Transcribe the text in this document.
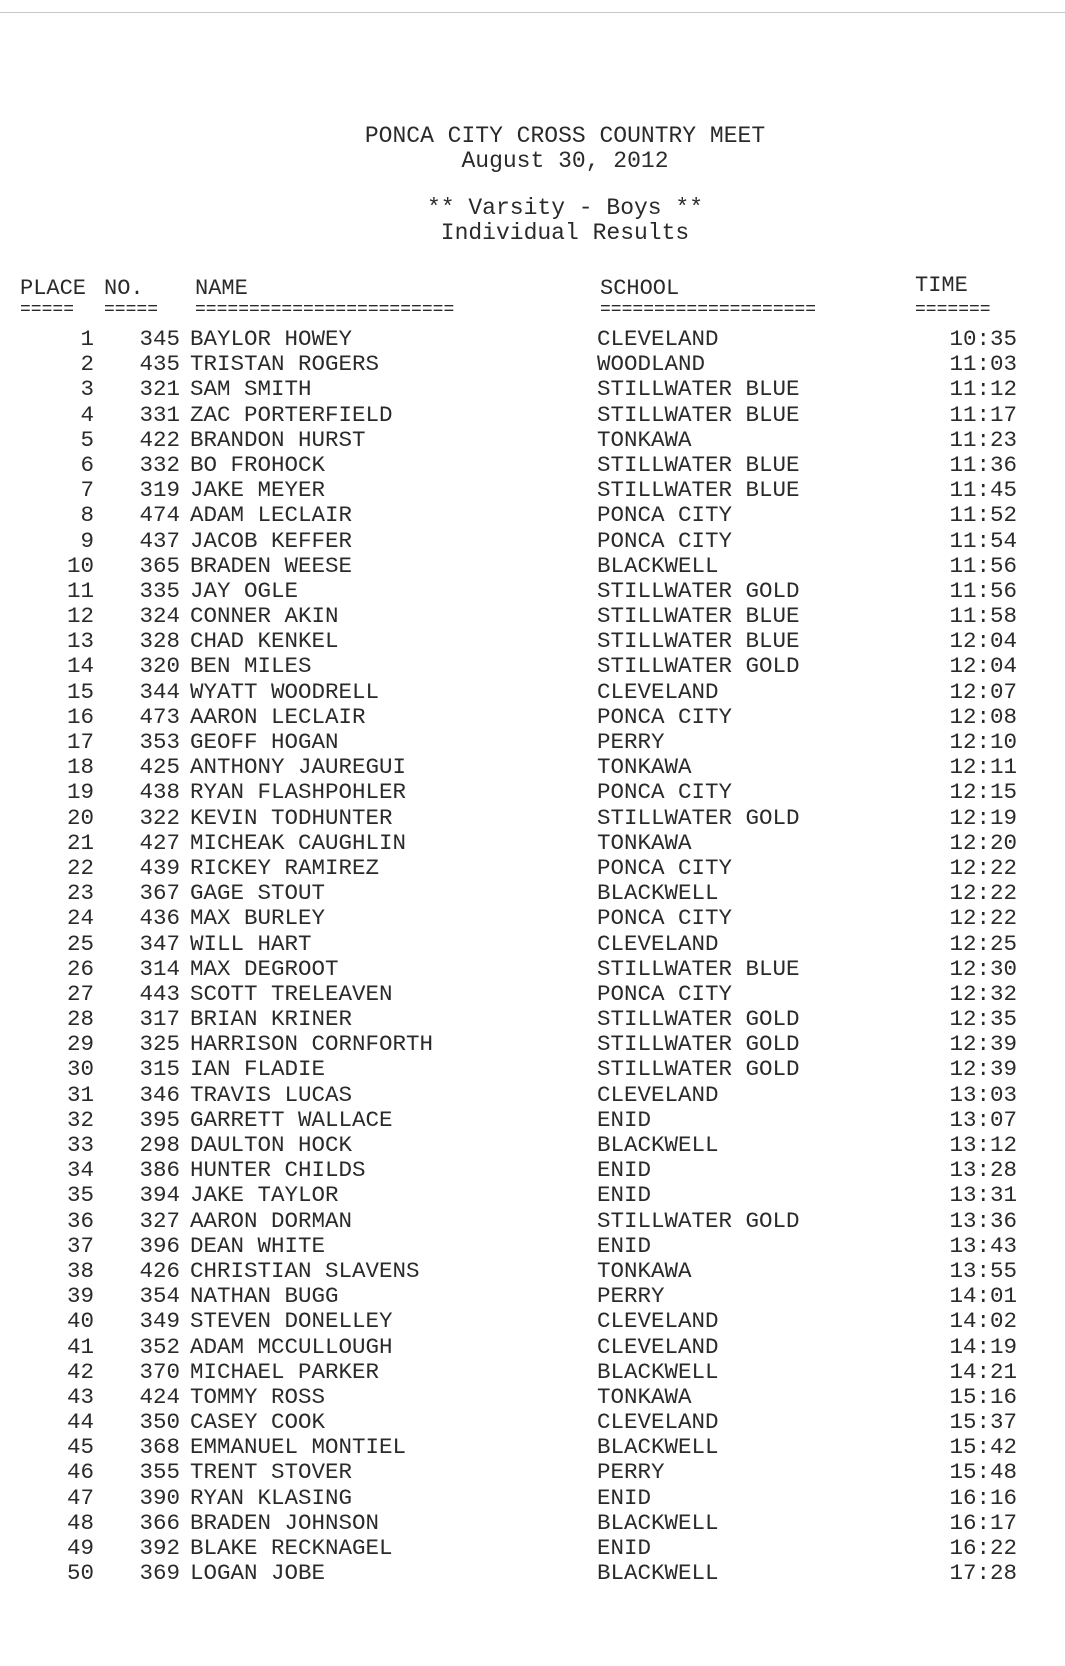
PONCA CITY CROSS COUNTRY MEET
August 30, 2012
** Varsity - Boys **
Individual Results
PLACE NO. NAME	SCHOOL	TIME
===== ===== ========================	====================	=======
1	345 BAYLOR HOWEY	CLEVELAND	10:35
2	435 TRISTAN ROGERS	WOODLAND	11:03
3	321 SAM SMITH	STILLWATER BLUE	11:12
4	331 ZAC PORTERFIELD	STILLWATER BLUE	11:17
5	422 BRANDON HURST	TONKAWA	11:23
6	332 BO FROHOCK	STILLWATER BLUE	11:36
7	319 JAKE MEYER	STILLWATER BLUE	11:45
8	474 ADAM LECLAIR	PONCA CITY	11:52
9	437 JACOB KEFFER	PONCA CITY	11:54
10	365 BRADEN WEESE	BLACKWELL	11:56
11	335 JAY OGLE	STILLWATER GOLD	11:56
12	324 CONNER AKIN	STILLWATER BLUE	11:58
13	328 CHAD KENKEL	STILLWATER BLUE	12:04
14	320 BEN MILES	STILLWATER GOLD	12:04
15	344 WYATT WOODRELL	CLEVELAND	12:07
16	473 AARON LECLAIR	PONCA CITY	12:08
17	353 GEOFF HOGAN	PERRY	12:10
18	425 ANTHONY JAUREGUI	TONKAWA	12:11
19	438 RYAN FLASHPOHLER	PONCA CITY	12:15
20	322 KEVIN TODHUNTER	STILLWATER GOLD	12:19
21	427 MICHEAK CAUGHLIN	TONKAWA	12:20
22	439 RICKEY RAMIREZ	PONCA CITY	12:22
23	367 GAGE STOUT	BLACKWELL	12:22
24	436 MAX BURLEY	PONCA CITY	12:22
25	347 WILL HART	CLEVELAND	12:25
26	314 MAX DEGROOT	STILLWATER BLUE	12:30
27	443 SCOTT TRELEAVEN	PONCA CITY	12:32
28	317 BRIAN KRINER	STILLWATER GOLD	12:35
29	325 HARRISON CORNFORTH	STILLWATER GOLD	12:39
30	315 IAN FLADIE	STILLWATER GOLD	12:39
31	346 TRAVIS LUCAS	CLEVELAND	13:03
32	395 GARRETT WALLACE	ENID	13:07
33	298 DAULTON HOCK	BLACKWELL	13:12
34	386 HUNTER CHILDS	ENID	13:28
35	394 JAKE TAYLOR	ENID	13:31
36	327 AARON DORMAN	STILLWATER GOLD	13:36
37	396 DEAN WHITE	ENID	13:43
38	426 CHRISTIAN SLAVENS	TONKAWA	13:55
39	354 NATHAN BUGG	PERRY	14:01
40	349 STEVEN DONELLEY	CLEVELAND	14:02
41	352 ADAM MCCULLOUGH	CLEVELAND	14:19
42	370 MICHAEL PARKER	BLACKWELL	14:21
43	424 TOMMY ROSS	TONKAWA	15:16
44	350 CASEY COOK	CLEVELAND	15:37
45	368 EMMANUEL MONTIEL	BLACKWELL	15:42
46	355 TRENT STOVER	PERRY	15:48
47	390 RYAN KLASING	ENID	16:16
48	366 BRADEN JOHNSON	BLACKWELL	16:17
49	392 BLAKE RECKNAGEL	ENID	16:22
50	369 LOGAN JOBE	BLACKWELL	17:28
